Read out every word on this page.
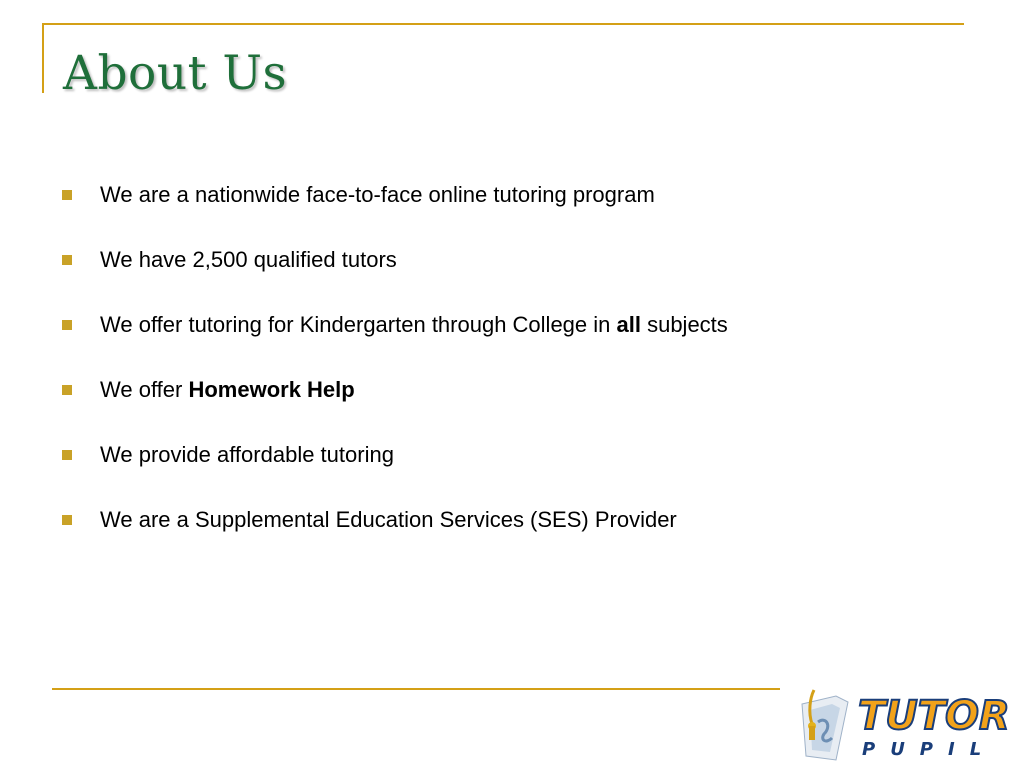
About Us
We are a nationwide face-to-face online tutoring program
We have 2,500 qualified tutors
We offer tutoring for Kindergarten through College in all subjects
We offer Homework Help
We provide affordable tutoring
We are a Supplemental Education Services (SES) Provider
TUTOR
PUPIL
